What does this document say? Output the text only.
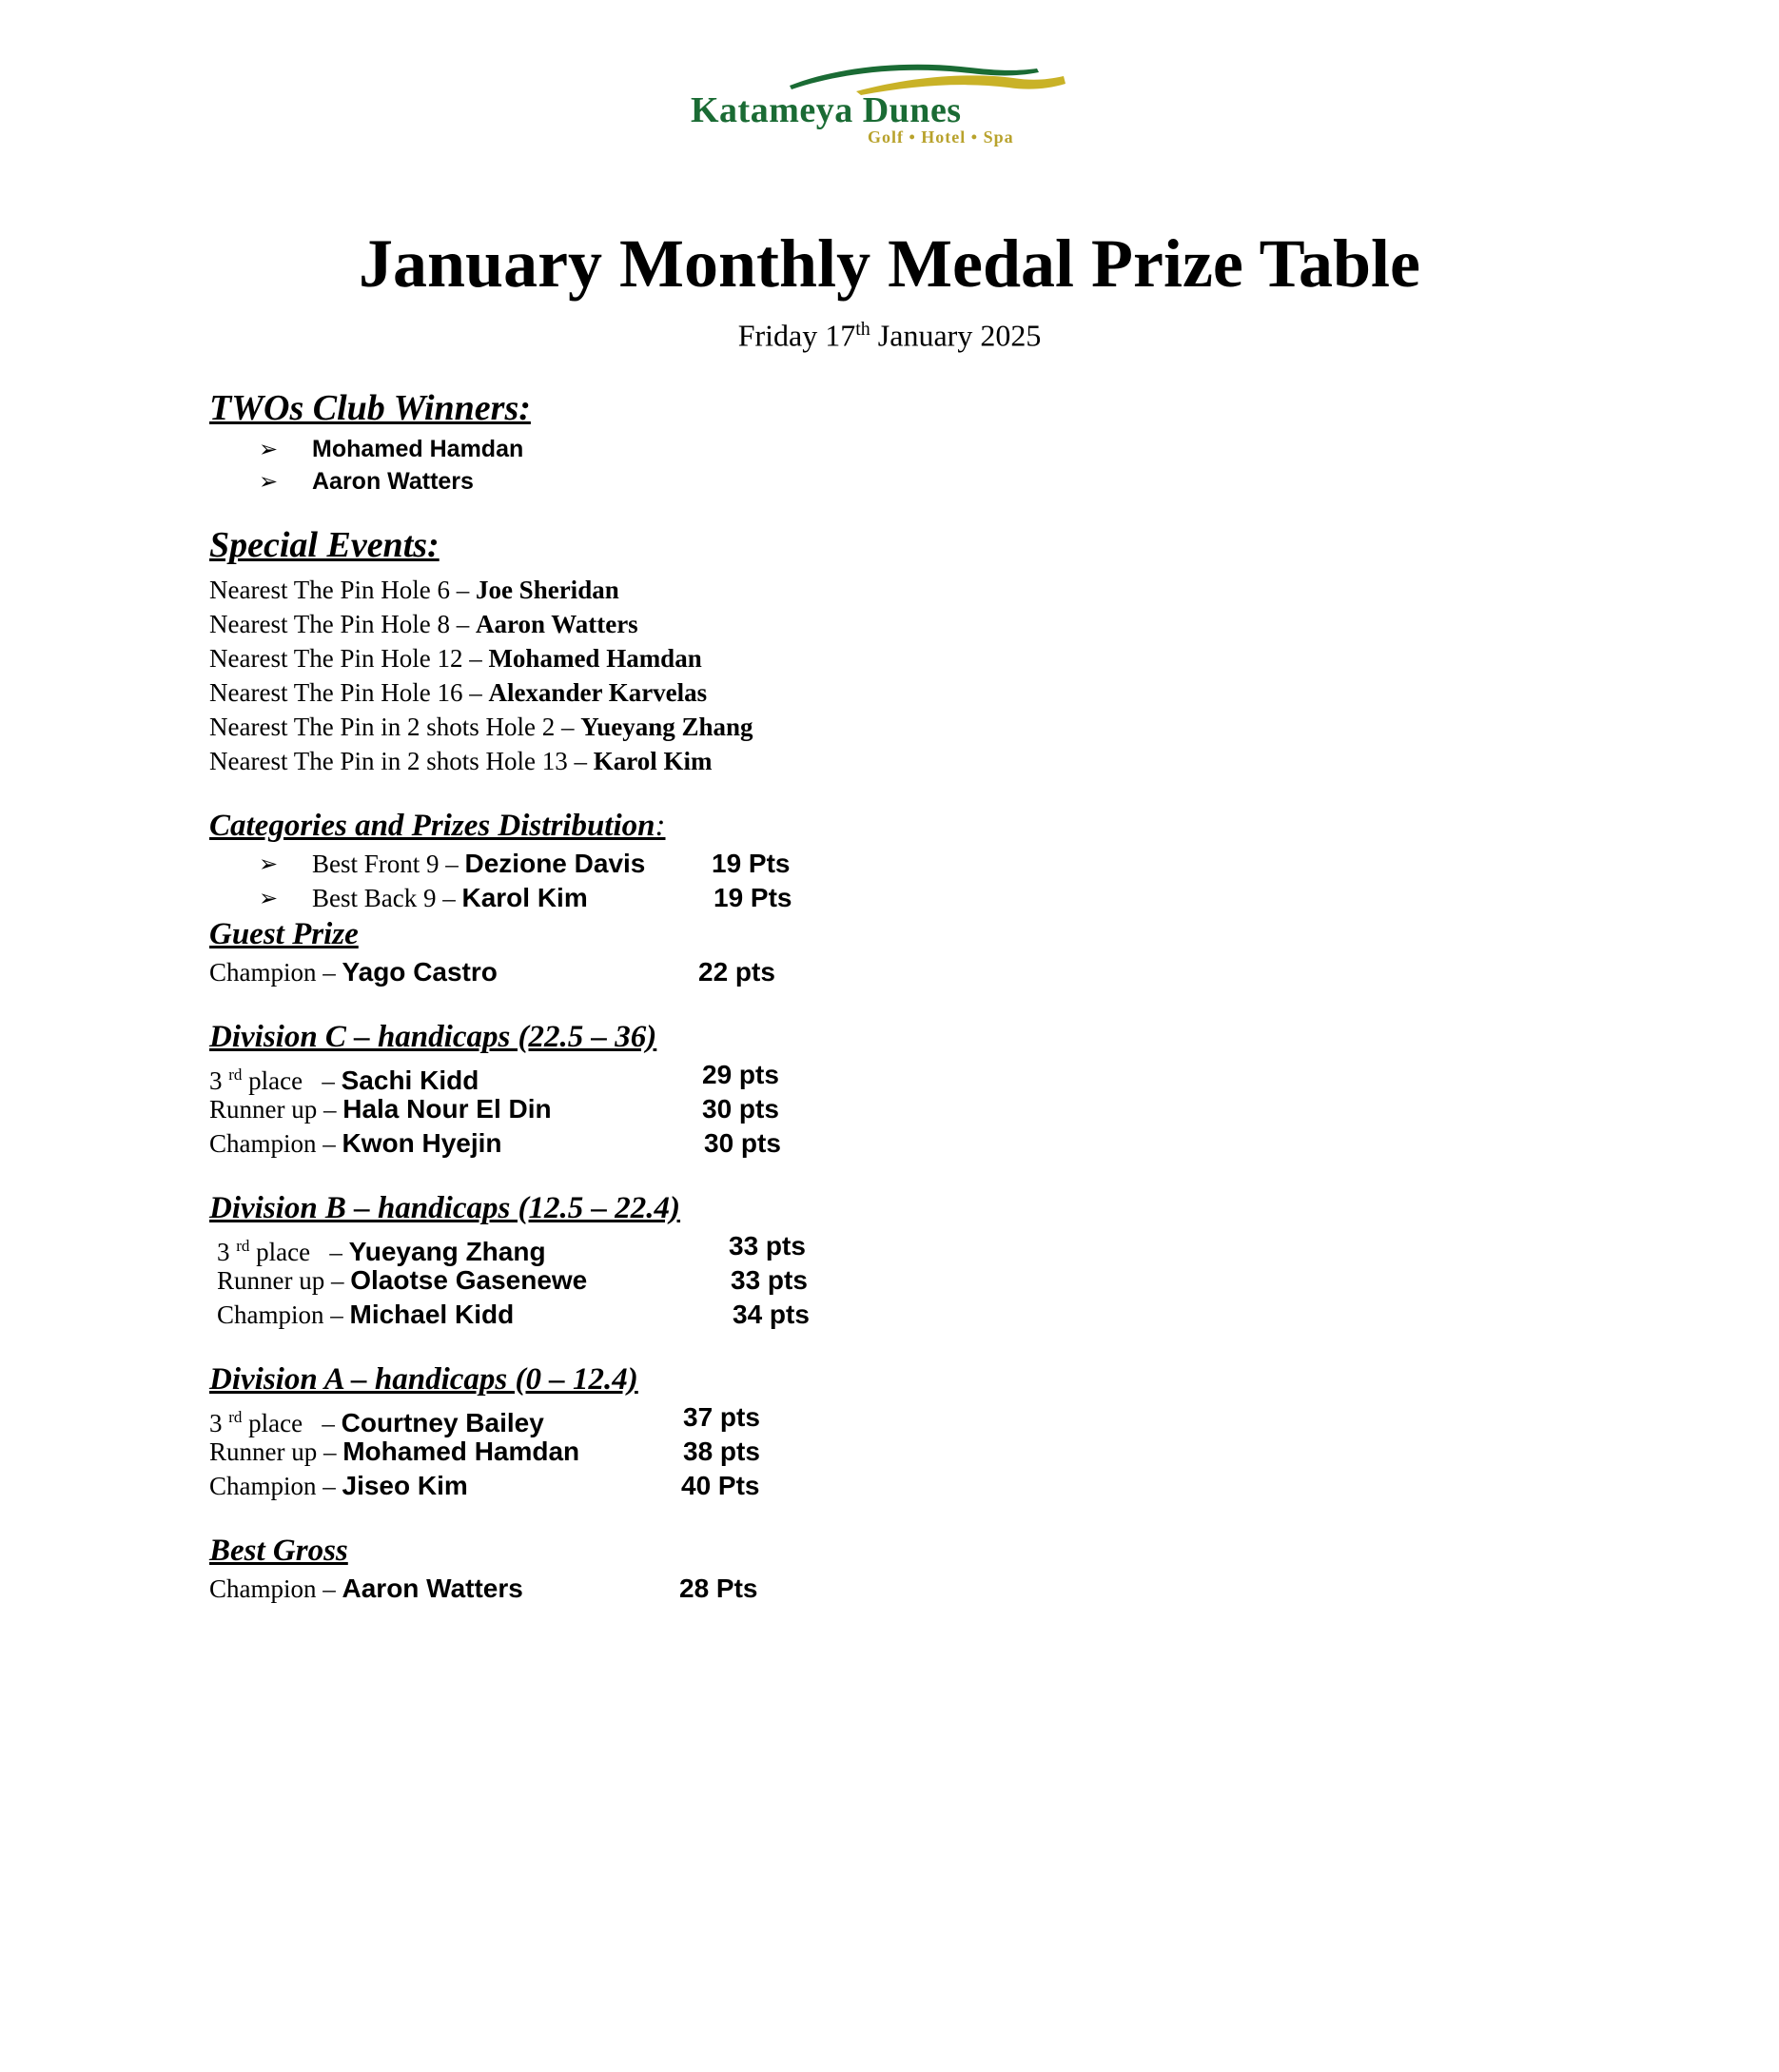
Katameya Dunes
Golf • Hotel • Spa
January Monthly Medal Prize Table
Friday 17th January 2025
TWOs Club Winners:
➢ Mohamed Hamdan
➢ Aaron Watters
Special Events:
Nearest The Pin Hole 6 – Joe Sheridan
Nearest The Pin Hole 8 – Aaron Watters
Nearest The Pin Hole 12 – Mohamed Hamdan
Nearest The Pin Hole 16 – Alexander Karvelas
Nearest The Pin in 2 shots Hole 2 – Yueyang Zhang
Nearest The Pin in 2 shots Hole 13 – Karol Kim
Categories and Prizes Distribution:
➢ Best Front 9 – Dezione Davis 19 Pts
➢ Best Back 9 – Karol Kim	19 Pts
Guest Prize
Champion – Yago Castro	22 pts
Division C – handicaps (22.5 – 36)
3 $^{rd}$ place   – Sachi Kidd	29 pts
Runner up – Hala Nour El Din	30 pts
Champion – Kwon Hyejin	30 pts
Division B – handicaps (12.5 – 22.4)
3 $^{rd}$ place   – Yueyang Zhang	33 pts
Runner up – Olaotse Gasenewe	33 pts
Champion – Michael Kidd	34 pts
Division A – handicaps (0 – 12.4)
3 $^{rd}$ place   – Courtney Bailey	37 pts
Runner up – Mohamed Hamdan	38 pts
Champion – Jiseo Kim	40 Pts
Best Gross
Champion – Aaron Watters	28 Pts
